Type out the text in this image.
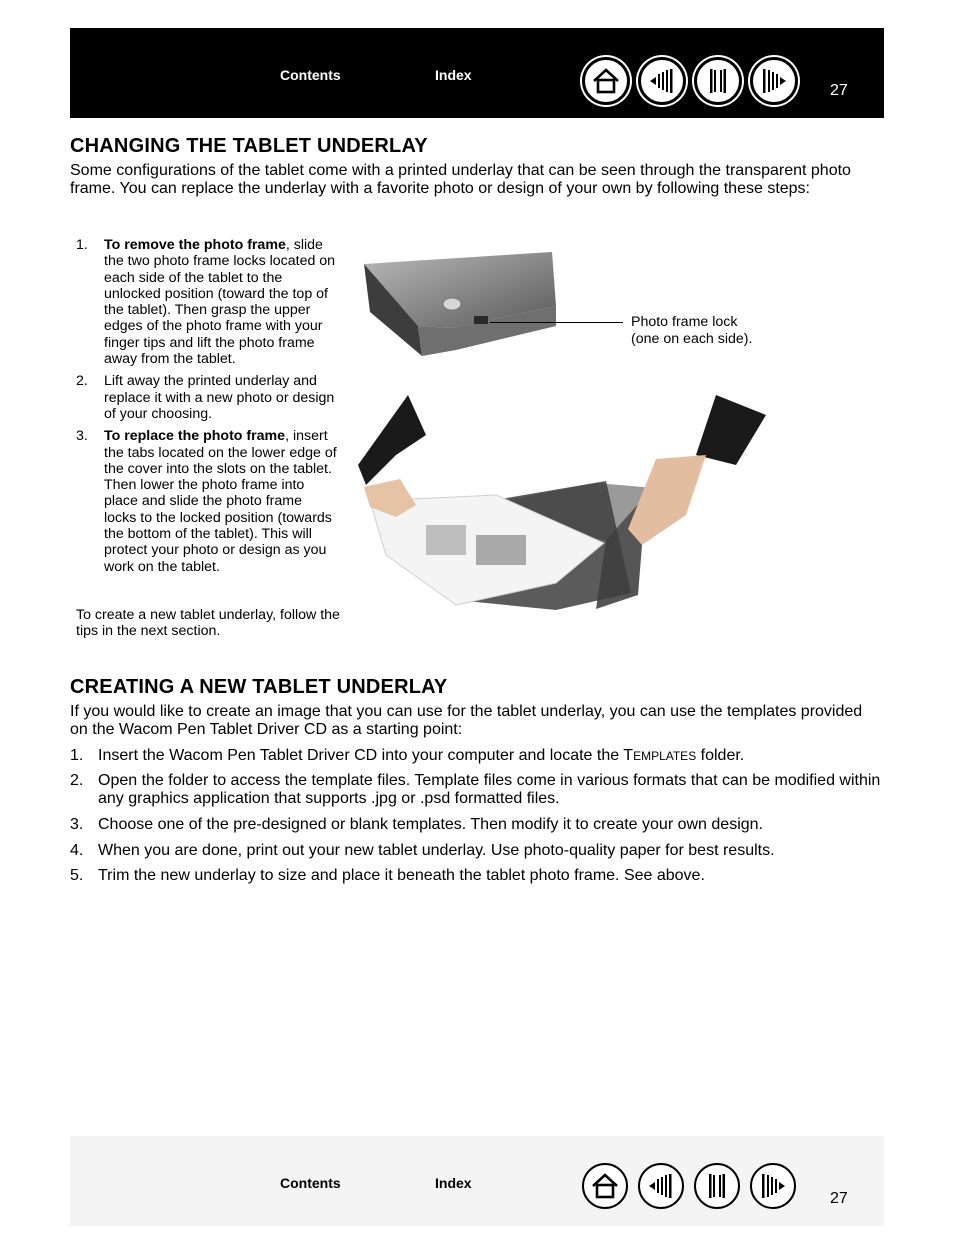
Contents	Index
27
CHANGING THE TABLET UNDERLAY

Some configurations of the tablet come with a printed underlay that can be seen through the transparent photo frame. You can replace the underlay with a favorite photo or design of your own by following these steps:

1. To remove the photo frame, slide the two photo frame locks located on each side of the tablet to the unlocked position (toward the top of the tablet). Then grasp the upper edges of the photo frame with your finger tips and lift the photo frame away from the tablet.
2. Lift away the printed underlay and replace it with a new photo or design of your choosing.
3. To replace the photo frame, insert the tabs located on the lower edge of the cover into the slots on the tablet. Then lower the photo frame into place and slide the photo frame locks to the locked position (towards the bottom of the tablet). This will protect your photo or design as you work on the tablet.

To create a new tablet underlay, follow the tips in the next section.

Photo frame lock
(one on each side).
CREATING A NEW TABLET UNDERLAY

If you would like to create an image that you can use for the tablet underlay, you can use the templates provided on the Wacom Pen Tablet Driver CD as a starting point:

1. Insert the Wacom Pen Tablet Driver CD into your computer and locate the TEMPLATES folder.
2. Open the folder to access the template files. Template files come in various formats that can be modified within any graphics application that supports .jpg or .psd formatted files.
3. Choose one of the pre-designed or blank templates. Then modify it to create your own design.
4. When you are done, print out your new tablet underlay. Use photo-quality paper for best results.
5. Trim the new underlay to size and place it beneath the tablet photo frame. See above.
Contents	Index
27
